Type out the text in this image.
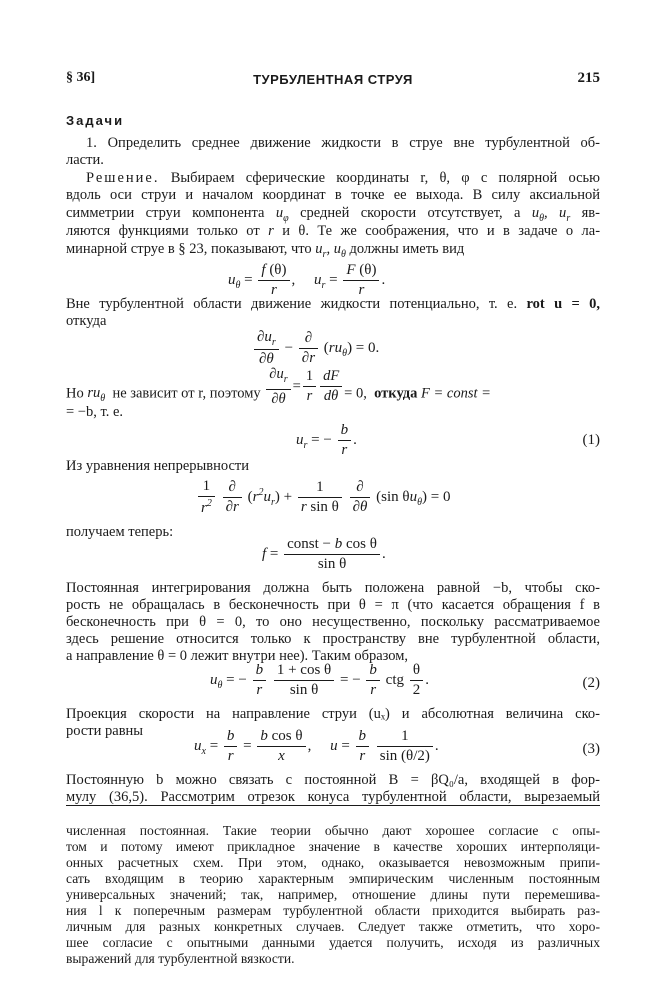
§ 36]	ТУРБУЛЕНТНАЯ СТРУЯ	215
Задачи
1. Определить среднее движение жидкости в струе вне турбулентной об-
ласти.
Решение. Выбираем сферические координаты r, θ, φ с полярной осью
вдоль оси струи и началом координат в точке ее выхода. В силу аксиальной
симметрии струи компонента $u_\varphi$ средней скорости отсутствует, а $u_\theta$, $u_r$ яв-
ляются функциями только от r и θ. Те же соображения, что и в задаче о ла-
минарной струе в § 23, показывают, что $u_r$, $u_\theta$ должны иметь вид
$u_\theta = \frac{f (\theta)}{r}$ ,     $u_r = \frac{F (\theta)}{r}$ .
Вне турбулентной области движение жидкости потенциально, т. е. rot u = 0,
откуда
$\frac{\partial u_r}{\partial\theta} - \frac{\partial}{\partial r} (ru_\theta) = 0$.
Но $ru_\theta$ не зависит от r, поэтому $\frac{\partial u_r}{\partial\theta} = \frac{1}{r} \frac{dF}{d\theta} = 0$, откуда F = const =
= −b, т. е.
$u_r$ = − $\frac{b}{r}$ .	(1)
Из уравнения непрерывности
$\frac{1}{r^2}$
$\frac{\partial}{\partial r} (r^2u_r) + \frac{1}{\text{r sin θ}}$
$\frac{\partial}{\partial\theta} (\sin$ $\theta u_\theta) = 0$
получаем теперь:
$f = \frac{\text{const − b cos θ}}{\text{sin θ}}$ .
Постоянная интегрирования должна быть положена равной −b, чтобы ско-
рость не обращалась в бесконечность при θ = π (что касается обращения f в
бесконечность при θ = 0, то оно несущественно, поскольку рассматриваемое
здесь решение относится только к пространству вне турбулентной области,
а направление θ = 0 лежит внутри нее). Таким образом,
$u_\theta$ = − $\frac{b}{r}$
$\frac{\text{1 + cos θ}}{\text{sin θ}}$ = − $\frac{b}{r}$ ctg $\frac{\theta}{2}$ .	(2)
Проекция скорости на направление струи (uₓ) и абсолютная величина ско-
рости равны
$u_x = \frac{b}{r} = \frac{\text{b cos θ}}{x}$ ,     $u = \frac{b}{r}$
$\frac{1}{\sin (\theta/2)}$ .	(3)
Постоянную b можно связать с постоянной B = βQ₀/a, входящей в фор-
мулу (36,5). Рассмотрим отрезок конуса турбулентной области, вырезаемый
численная постоянная. Такие теории обычно дают хорошее согласие с опы-
том и потому имеют прикладное значение в качестве хороших интерполяци-
онных расчетных схем. При этом, однако, оказывается невозможным припи-
сать входящим в теорию характерным эмпирическим численным постоянным
универсальных значений; так, например, отношение длины пути перемешива-
ния l к поперечным размерам турбулентной области приходится выбирать раз-
личным для разных конкретных случаев. Следует также отметить, что хоро-
шее согласие с опытными данными удается получить, исходя из различных
выражений для турбулентной вязкости.
